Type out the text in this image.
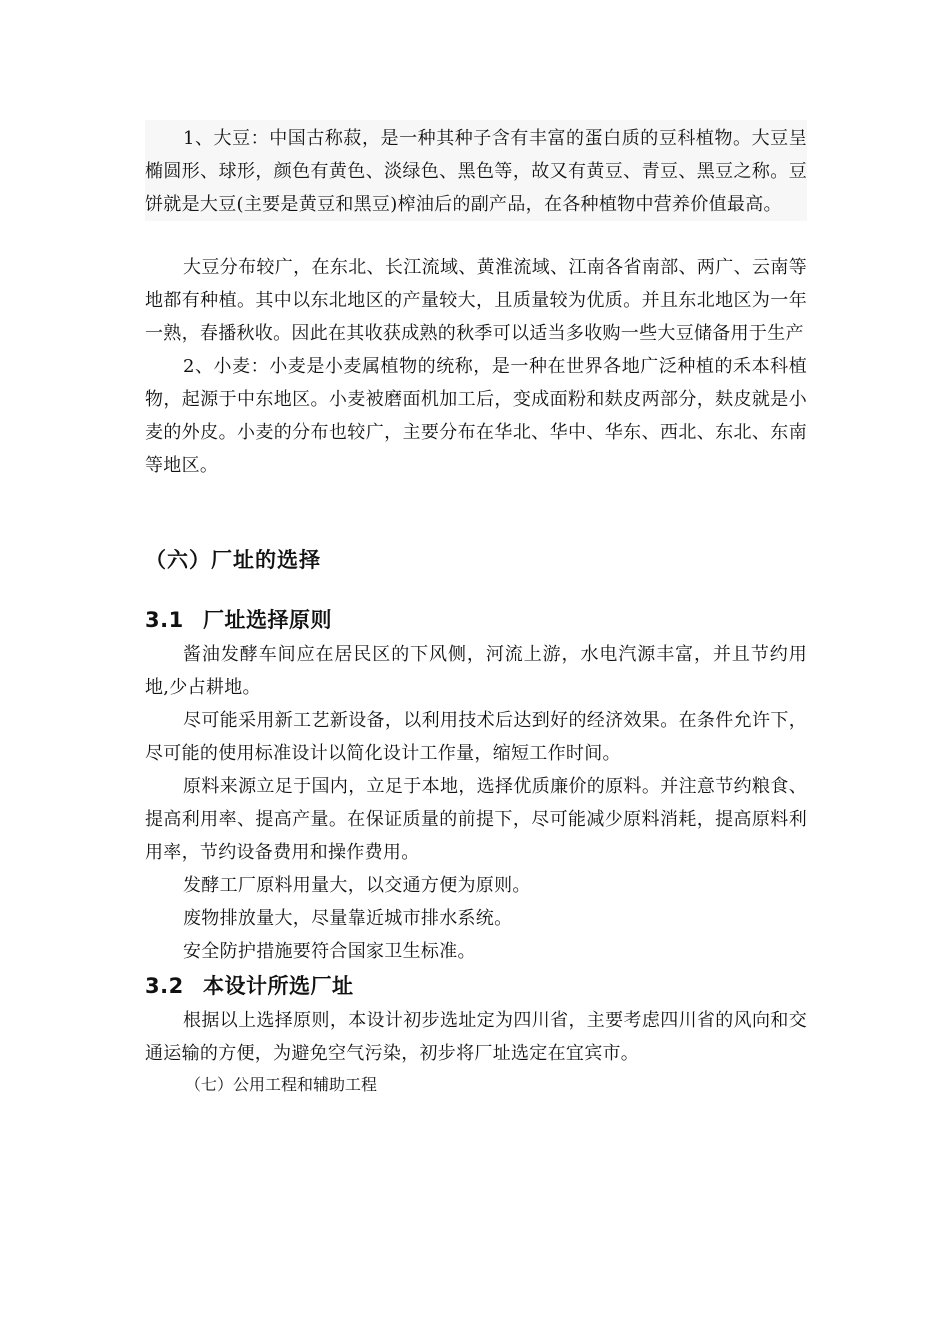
1、大豆：中国古称菽，是一种其种子含有丰富的蛋白质的豆科植物。大豆呈椭圆形、球形，颜色有黄色、淡绿色、黑色等，故又有黄豆、青豆、黑豆之称。豆饼就是大豆(主要是黄豆和黑豆)榨油后的副产品，在各种植物中营养价值最高。

大豆分布较广，在东北、长江流域、黄淮流域、江南各省南部、两广、云南等地都有种植。其中以东北地区的产量较大，且质量较为优质。并且东北地区为一年一熟，春播秋收。因此在其收获成熟的秋季可以适当多收购一些大豆储备用于生产

2、小麦：小麦是小麦属植物的统称，是一种在世界各地广泛种植的禾本科植物，起源于中东地区。小麦被磨面机加工后，变成面粉和麸皮两部分，麸皮就是小麦的外皮。小麦的分布也较广，主要分布在华北、华中、华东、西北、东北、东南等地区。

（六）厂址的选择
3.1 厂址选择原则

酱油发酵车间应在居民区的下风侧，河流上游，水电汽源丰富，并且节约用地,少占耕地。

尽可能采用新工艺新设备，以利用技术后达到好的经济效果。在条件允许下，尽可能的使用标准设计以简化设计工作量，缩短工作时间。

原料来源立足于国内，立足于本地，选择优质廉价的原料。并注意节约粮食、提高利用率、提高产量。在保证质量的前提下，尽可能减少原料消耗，提高原料利用率，节约设备费用和操作费用。

发酵工厂原料用量大，以交通方便为原则。

废物排放量大，尽量靠近城市排水系统。

安全防护措施要符合国家卫生标准。

3.2 本设计所选厂址

根据以上选择原则，本设计初步选址定为四川省，主要考虑四川省的风向和交通运输的方便，为避免空气污染，初步将厂址选定在宜宾市。

（七）公用工程和辅助工程
